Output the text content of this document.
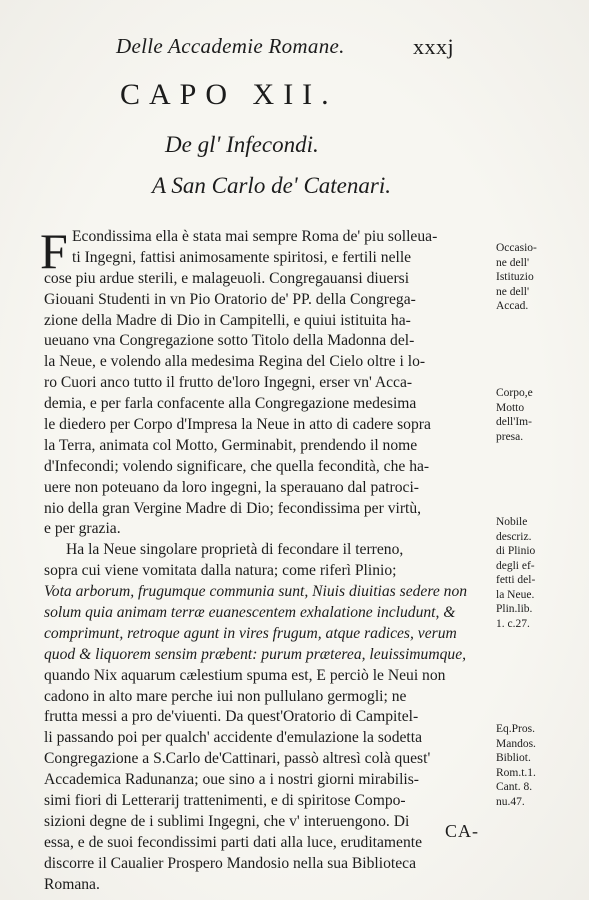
Delle Accademie Romane.	xxxj
CAPO XII.
De gl' Infecondi.
A San Carlo de' Catenari.
F Econdissima ella è stata mai sempre Roma de' piu solleua-
ti Ingegni, fattisi animosamente spiritosi, e fertili nelle
cose piu ardue sterili, e malageuoli. Congregauansi diuersi
Giouani Studenti in vn Pio Oratorio de' PP. della Congrega-
zione della Madre di Dio in Campitelli, e quiui istituita ha-
ueuano vna Congregazione sotto Titolo della Madonna del-
la Neue, e volendo alla medesima Regina del Cielo oltre i lo-
ro Cuori anco tutto il frutto de'loro Ingegni, erser vn' Acca-
demia, e per farla confacente alla Congregazione medesima
le diedero per Corpo d'Impresa la Neue in atto di cadere sopra
la Terra, animata col Motto, Germinabit, prendendo il nome
d'Infecondi; volendo significare, che quella fecondità, che ha-
uere non poteuano da loro ingegni, la sperauano dal patroci-
nio della gran Vergine Madre di Dio; fecondissima per virtù,
e per grazia.
Ha la Neue singolare proprietà di fecondare il terreno,
sopra cui viene vomitata dalla natura; come riferì Plinio;
Vota arborum, frugumque communia sunt, Niuis diuitias sedere non
solum quia animam terræ euanescentem exhalatione includunt, &
comprimunt, retroque agunt in vires frugum, atque radices, verum
quod & liquorem sensim præbent: purum præterea, leuissimumque,
quando Nix aquarum cælestium spuma est, E perciò le Neui non
cadono in alto mare perche iui non pullulano germogli; ne
frutta messi a pro de'viuenti. Da quest'Oratorio di Campitel-
li passando poi per qualch' accidente d'emulazione la sodetta
Congregazione a S.Carlo de'Cattinari, passò altresì colà quest'
Accademica Radunanza; oue sino a i nostri giorni mirabilis-
simi fiori di Letterarij trattenimenti, e di spiritose Compo-
sizioni degne de i sublimi Ingegni, che v' interuengono. Di
essa, e de suoi fecondissimi parti dati alla luce, eruditamente
discorre il Caualier Prospero Mandosio nella sua Biblioteca
Romana.
Occasio-
ne dell'
Istituzio
ne dell'
Accad.
Corpo,e
Motto
dell'Im-
presa.
Nobile
descriz.
di Plinio
degli ef-
fetti del-
la Neue.
Plin.lib.
1. c.27.
Eq.Pros.
Mandos.
Bibliot.
Rom.t.1.
Cant. 8.
nu.47.
CA-
